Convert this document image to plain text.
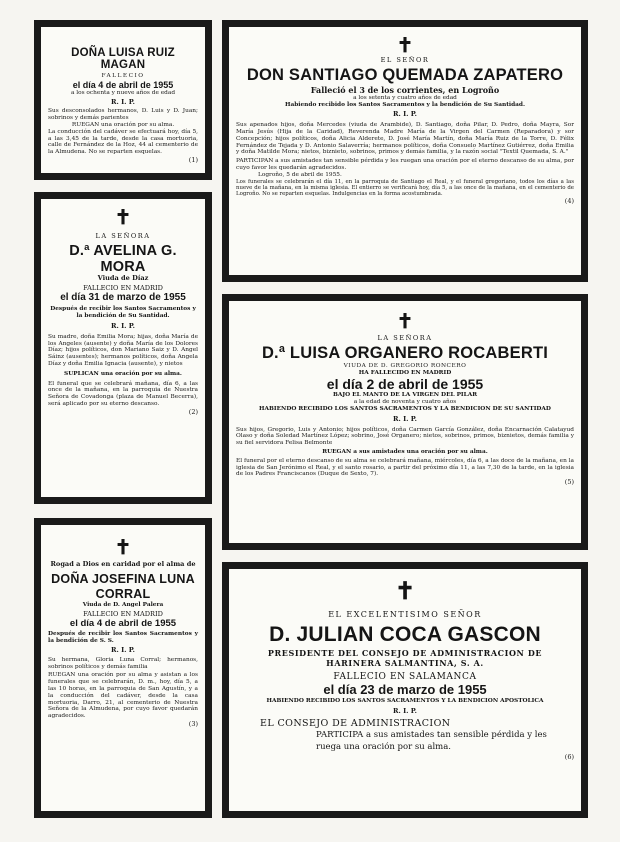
DOÑA LUISA RUIZ MAGAN
FALLECIO
el día 4 de abril de 1955
a los ochenta y nueve años de edad
R. I. P.
Sus desconsolados hermanos, D. Luis y D. Juan; sobrinos y demás parientes
RUEGAN una oración por su alma.
La conducción del cadáver se efectuará hoy, día 5, a las 3,45 de la tarde, desde la casa mortuoria, calle de Fernández de la Hoz, 44 al cementerio de la Almudena. No se reparten esquelas.
(1)
✝
LA SEÑORA
D.ª AVELINA G. MORA
Viuda de Díaz
FALLECIO EN MADRID
el día 31 de marzo de 1955
Después de recibir los Santos Sacramentos y la bendición de Su Santidad.
R. I. P.
Su madre, doña Emilia Mora; hijas, doña María de los Angeles (ausente) y doña María de los Dolores Díaz; hijos políticos, don Mariano Saiz y D. Angel Sáinz (ausentes); hermanos políticos, doña Angela Díaz y doña Emilia Ignacia (ausente), y nietos
SUPLICAN una oración por su alma.
El funeral que se celebrará mañana, día 6, a las once de la mañana, en la parroquia de Nuestra Señora de Covadonga (plaza de Manuel Becerra), será aplicado por su eterno descanso.
(2)
✝
Rogad a Dios en caridad por el alma de
DOÑA JOSEFINA LUNA CORRAL
Viuda de D. Angel Palera
FALLECIO EN MADRID
el día 4 de abril de 1955
Después de recibir los Santos Sacramentos y la bendición de S. S.
R. I. P.
Su hermana, Gloria Luna Corral; hermanos, sobrinos políticos y demás familia
RUEGAN una oración por su alma y asistan a los funerales que se celebrarán, D. m., hoy, día 5, a las 10 horas, en la parroquia de San Agustín, y a la conducción del cadáver, desde la casa mortuoria, Darro, 21, al cementerio de Nuestra Señora de la Almudena, por cuyo favor quedarán agradecidos.
(3)
✝
EL SEÑOR
DON SANTIAGO QUEMADA ZAPATERO
Falleció el 3 de los corrientes, en Logroño
a los setenta y cuatro años de edad
Habiendo recibido los Santos Sacramentos y la bendición de Su Santidad.
R. I. P.
Sus apenados hijos, doña Mercedes (viuda de Arambide), D. Santiago, doña Pilar, D. Pedro, doña Mayra, Sor María Jesús (Hija de la Caridad), Reverenda Madre María de la Virgen del Carmen (Reparadora) y sor Concepción; hijos políticos, doña Alicia Alderete, D. José María Martín, doña María Ruiz de la Torre, D. Félix Fernández de Tejada y D. Antonio Salaverría; hermanos políticos, doña Consuelo Martínez Gutiérrez, doña Emilia y doña Matilde Mora; nietos, biznieto, sobrinos, primos y demás familia, y la razón social "Textil Quemada, S. A."
PARTICIPAN a sus amistades tan sensible pérdida y les ruegan una oración por el eterno descanso de su alma, por cuyo favor les quedarán agradecidos.
Logroño, 5 de abril de 1955.
Los funerales se celebrarán el día 11, en la parroquia de Santiago el Real, y el funeral gregoriano, todos los días a las nueve de la mañana, en la misma iglesia. El entierro se verificará hoy, día 5, a las once de la mañana, en el cementerio de Logroño. No se reparten esquelas. Indulgencias en la forma acostumbrada.
(4)
✝
LA SEÑORA
D.ª LUISA ORGANERO ROCABERTI
VIUDA DE D. GREGORIO RONCERO
HA FALLECIDO EN MADRID
el día 2 de abril de 1955
BAJO EL MANTO DE LA VIRGEN DEL PILAR
a la edad de noventa y cuatro años
HABIENDO RECIBIDO LOS SANTOS SACRAMENTOS Y LA BENDICION DE SU SANTIDAD
R. I. P.
Sus hijos, Gregorio, Luis y Antonio; hijos políticos, doña Carmen García González, doña Encarnación Calatayud Olaso y doña Soledad Martínez López; sobrino, José Organero; nietos, sobrinos, primos, biznietos, demás familia y su fiel servidora Felisa Belmonte
RUEGAN a sus amistades una oración por su alma.
El funeral por el eterno descanso de su alma se celebrará mañana, miércoles, día 6, a las doce de la mañana, en la iglesia de San Jerónimo el Real, y el santo rosario, a partir del próximo día 11, a las 7,30 de la tarde, en la iglesia de los Padres Franciscanos (Duque de Sexto, 7).
(5)
✝
EL EXCELENTISIMO SEÑOR
D. JULIAN COCA GASCON
PRESIDENTE DEL CONSEJO DE ADMINISTRACION DE HARINERA SALMANTINA, S. A.
FALLECIO EN SALAMANCA
el día 23 de marzo de 1955
HABIENDO RECIBIDO LOS SANTOS SACRAMENTOS Y LA BENDICION APOSTOLICA
R. I. P.
EL CONSEJO DE ADMINISTRACION
PARTICIPA a sus amistades tan sensible pérdida y les ruega una oración por su alma.
(6)
